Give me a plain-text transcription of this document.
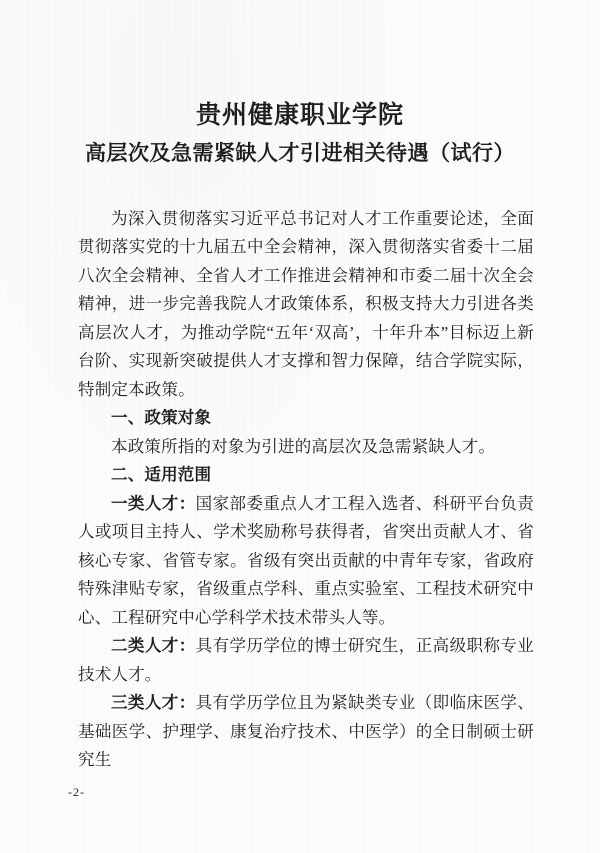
贵州健康职业学院
高层次及急需紧缺人才引进相关待遇（试行）

为深入贯彻落实习近平总书记对人才工作重要论述，全面贯彻落实党的十九届五中全会精神，深入贯彻落实省委十二届八次全会精神、全省人才工作推进会精神和市委二届十次全会精神，进一步完善我院人才政策体系，积极支持大力引进各类高层次人才，为推动学院“五年‘双高’，十年升本”目标迈上新台阶、实现新突破提供人才支撑和智力保障，结合学院实际，特制定本政策。

一、政策对象

本政策所指的对象为引进的高层次及急需紧缺人才。

二、适用范围

一类人才：国家部委重点人才工程入选者、科研平台负责人或项目主持人、学术奖励称号获得者，省突出贡献人才、省核心专家、省管专家。省级有突出贡献的中青年专家，省政府特殊津贴专家，省级重点学科、重点实验室、工程技术研究中心、工程研究中心学科学术技术带头人等。

二类人才：具有学历学位的博士研究生，正高级职称专业技术人才。

三类人才：具有学历学位且为紧缺类专业（即临床医学、基础医学、护理学、康复治疗技术、中医学）的全日制硕士研究生

-2-
